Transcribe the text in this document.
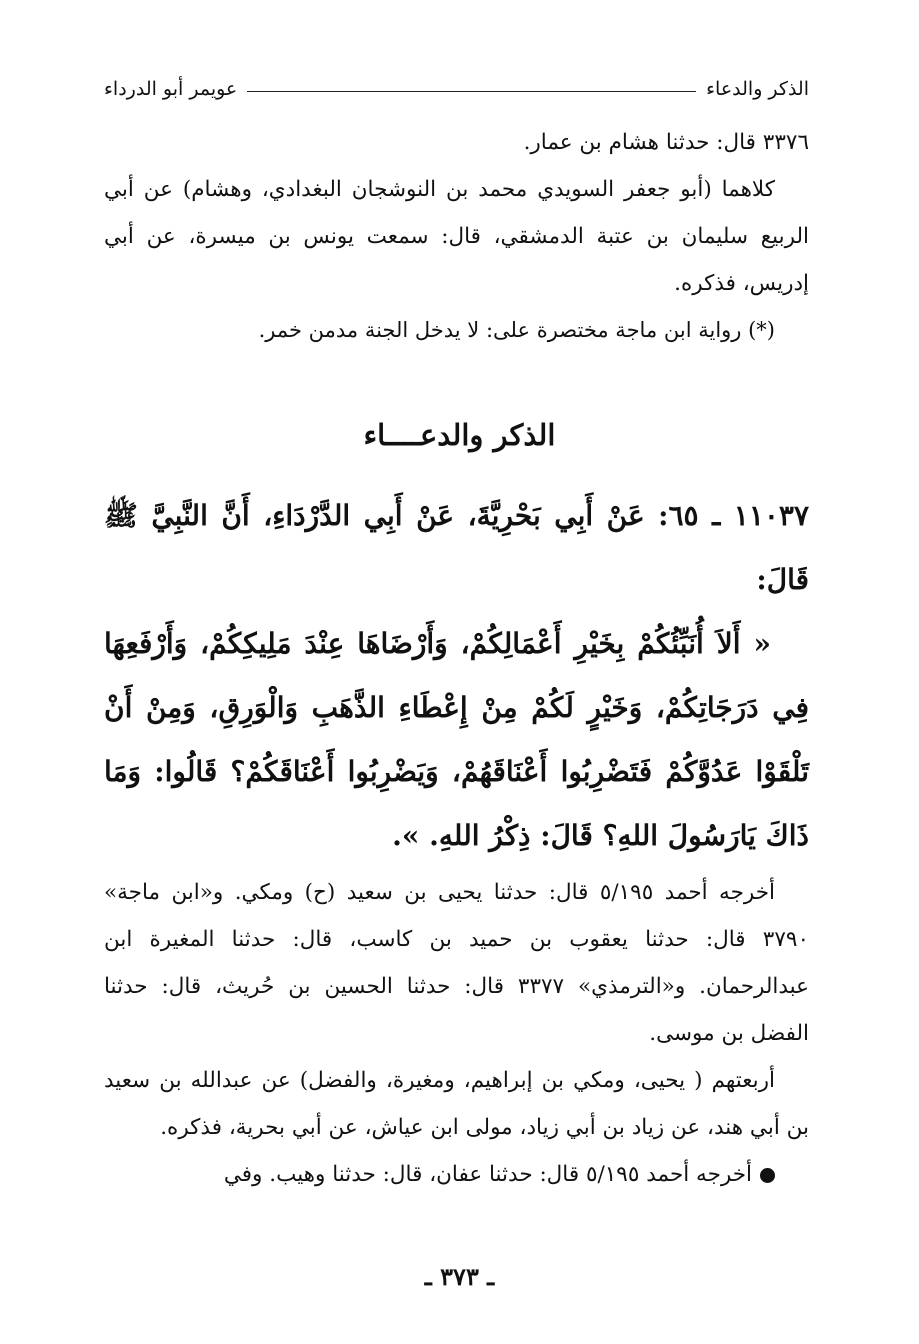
الذكر والدعاء
عويمر أبو الدرداء
٣٣٧٦ قال: حدثنا هشام بن عمار.
كلاهما (أبو جعفر السويدي محمد بن النوشجان البغدادي، وهشام) عن أبي الربيع سليمان بن عتبة الدمشقي، قال: سمعت يونس بن ميسرة، عن أبي إدريس، فذكره.
(*) رواية ابن ماجة مختصرة على: لا يدخل الجنة مدمن خمر.
الذكر والدعــــاء
١١٠٣٧ ـ ٦٥: عَنْ أَبِي بَحْرِيَّةَ، عَنْ أَبِي الدَّرْدَاءِ، أَنَّ النَّبِيَّ ﷺ قَالَ:
« أَلاَ أُنَبِّئُكُمْ بِخَيْرِ أَعْمَالِكُمْ، وَأَرْضَاهَا عِنْدَ مَلِيكِكُمْ، وَأَرْفَعِهَا فِي دَرَجَاتِكُمْ، وَخَيْرٍ لَكُمْ مِنْ إِعْطَاءِ الذَّهَبِ وَالْوَرِقِ، وَمِنْ أَنْ تَلْقَوْا عَدُوَّكُمْ فَتَضْرِبُوا أَعْنَاقَهُمْ، وَيَضْرِبُوا أَعْنَاقَكُمْ؟ قَالُوا: وَمَا ذَاكَ يَارَسُولَ اللهِ؟ قَالَ: ذِكْرُ اللهِ. ».
أخرجه أحمد ٥/١٩٥ قال: حدثنا يحيى بن سعيد (ح) ومكي. و«ابن ماجة» ٣٧٩٠ قال: حدثنا يعقوب بن حميد بن كاسب، قال: حدثنا المغيرة ابن عبدالرحمان. و«الترمذي» ٣٣٧٧ قال: حدثنا الحسين بن حُريث، قال: حدثنا الفضل بن موسى.
أربعتهم ( يحيى، ومكي بن إبراهيم، ومغيرة، والفضل) عن عبدالله بن سعيد بن أبي هند، عن زياد بن أبي زياد، مولى ابن عياش، عن أبي بحرية، فذكره.
أخرجه أحمد ٥/١٩٥ قال: حدثنا عفان، قال: حدثنا وهيب. وفي
ـ ٣٧٣ ـ
